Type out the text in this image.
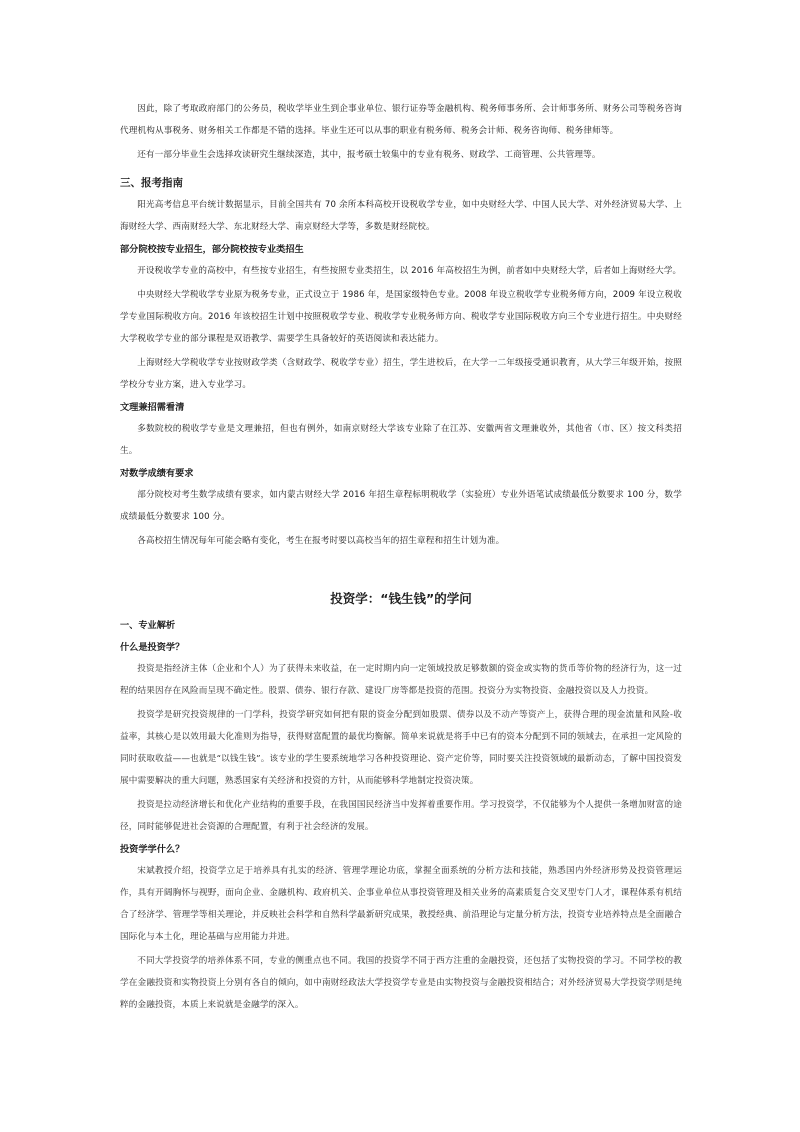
因此，除了考取政府部门的公务员，税收学毕业生到企事业单位、银行证券等金融机构、税务师事务所、会计师事务所、财务公司等税务咨询代理机构从事税务、财务相关工作都是不错的选择。毕业生还可以从事的职业有税务师、税务会计师、税务咨询师、税务律师等。

还有一部分毕业生会选择攻读研究生继续深造，其中，报考硕士较集中的专业有税务、财政学、工商管理、公共管理等。

三、报考指南

阳光高考信息平台统计数据显示，目前全国共有 70 余所本科高校开设税收学专业，如中央财经大学、中国人民大学、对外经济贸易大学、上海财经大学、西南财经大学、东北财经大学、南京财经大学等，多数是财经院校。

部分院校按专业招生，部分院校按专业类招生

开设税收学专业的高校中，有些按专业招生，有些按照专业类招生，以 2016 年高校招生为例，前者如中央财经大学，后者如上海财经大学。

中央财经大学税收学专业原为税务专业，正式设立于 1986 年，是国家级特色专业。2008 年设立税收学专业税务师方向，2009 年设立税收学专业国际税收方向。2016 年该校招生计划中按照税收学专业、税收学专业税务师方向、税收学专业国际税收方向三个专业进行招生。中央财经大学税收学专业的部分课程是双语教学、需要学生具备较好的英语阅读和表达能力。

上海财经大学税收学专业按财政学类（含财政学、税收学专业）招生，学生进校后，在大学一二年级接受通识教育，从大学三年级开始，按照学校分专业方案，进入专业学习。

文理兼招需看清

多数院校的税收学专业是文理兼招，但也有例外，如南京财经大学该专业除了在江苏、安徽两省文理兼收外，其他省（市、区）按文科类招生。

对数学成绩有要求

部分院校对考生数学成绩有要求，如内蒙古财经大学 2016 年招生章程标明税收学（实验班）专业外语笔试成绩最低分数要求 100 分，数学成绩最低分数要求 100 分。

各高校招生情况每年可能会略有变化，考生在报考时要以高校当年的招生章程和招生计划为准。

投资学：“钱生钱”的学问

一、专业解析

什么是投资学？

投资是指经济主体（企业和个人）为了获得未来收益，在一定时期内向一定领域投放足够数额的资金或实物的货币等价物的经济行为，这一过程的结果因存在风险而呈现不确定性。股票、债券、银行存款、建设厂房等都是投资的范围。投资分为实物投资、金融投资以及人力投资。

投资学是研究投资规律的一门学科，投资学研究如何把有限的资金分配到如股票、债券以及不动产等资产上，获得合理的现金流量和风险-收益率，其核心是以效用最大化准则为指导，获得财富配置的最优均衡解。简单来说就是将手中已有的资本分配到不同的领域去，在承担一定风险的同时获取收益——也就是“以钱生钱”。该专业的学生要系统地学习各种投资理论、资产定价等，同时要关注投资领域的最新动态，了解中国投资发展中需要解决的重大问题，熟悉国家有关经济和投资的方针，从而能够科学地制定投资决策。

投资是拉动经济增长和优化产业结构的重要手段，在我国国民经济当中发挥着重要作用。学习投资学，不仅能够为个人提供一条增加财富的途径，同时能够促进社会资源的合理配置，有利于社会经济的发展。

投资学学什么？

宋斌教授介绍，投资学立足于培养具有扎实的经济、管理学理论功底，掌握全面系统的分析方法和技能，熟悉国内外经济形势及投资管理运作，具有开阔胸怀与视野，面向企业、金融机构、政府机关、企事业单位从事投资管理及相关业务的高素质复合交叉型专门人才，课程体系有机结合了经济学、管理学等相关理论，并反映社会科学和自然科学最新研究成果，教授经典、前沿理论与定量分析方法，投资专业培养特点是全面融合国际化与本土化，理论基础与应用能力并进。

不同大学投资学的培养体系不同，专业的侧重点也不同。我国的投资学不同于西方注重的金融投资，还包括了实物投资的学习。不同学校的教学在金融投资和实物投资上分别有各自的倾向，如中南财经政法大学投资学专业是由实物投资与金融投资相结合；对外经济贸易大学投资学则是纯粹的金融投资，本质上来说就是金融学的深入。
